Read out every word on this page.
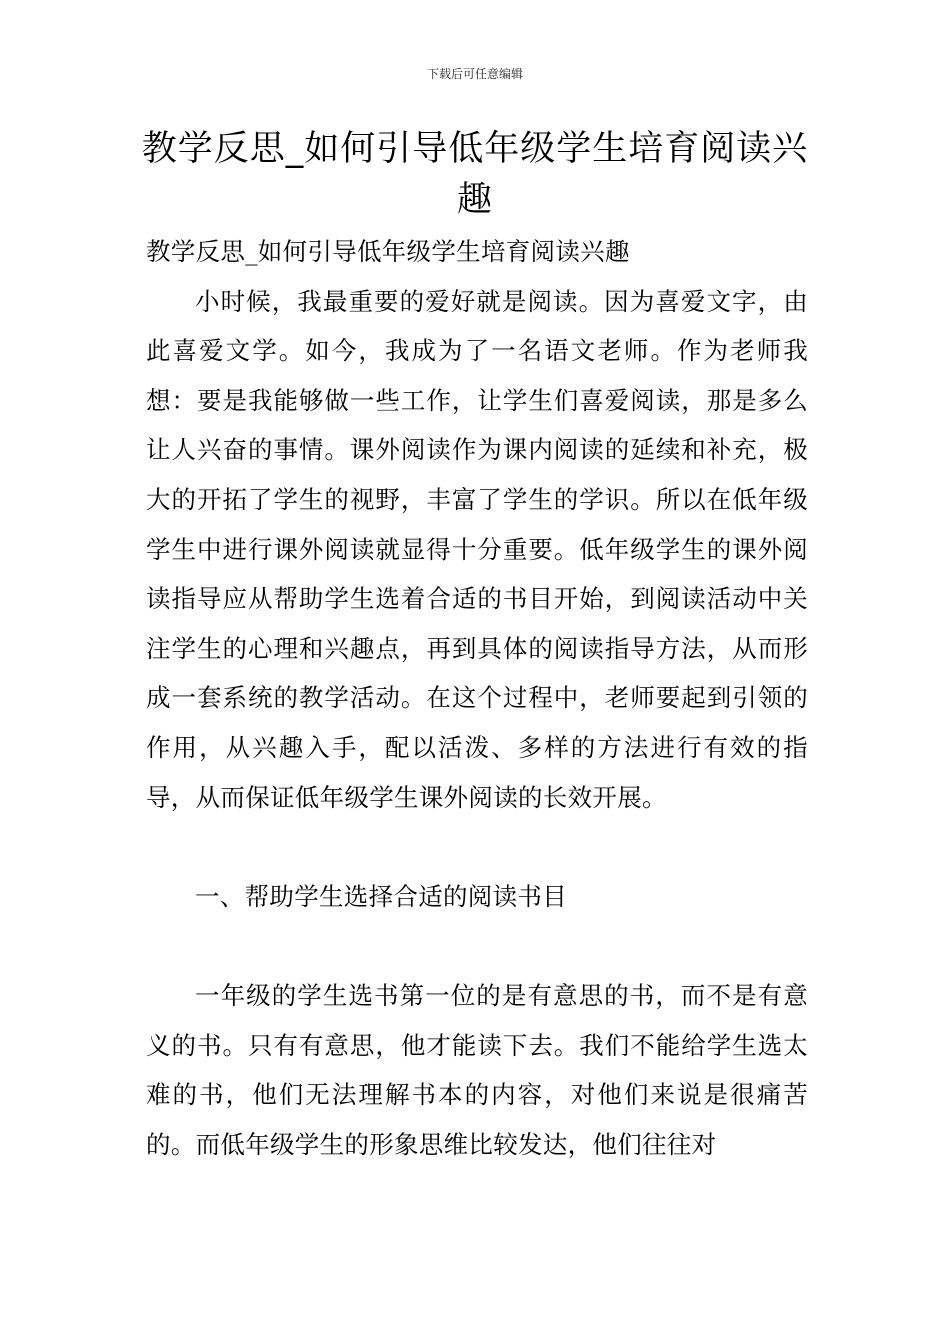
下载后可任意编辑
教学反思_如何引导低年级学生培育阅读兴趣

教学反思_如何引导低年级学生培育阅读兴趣

小时候，我最重要的爱好就是阅读。因为喜爱文字，由此喜爱文学。如今，我成为了一名语文老师。作为老师我想：要是我能够做一些工作，让学生们喜爱阅读，那是多么让人兴奋的事情。课外阅读作为课内阅读的延续和补充，极大的开拓了学生的视野，丰富了学生的学识。所以在低年级学生中进行课外阅读就显得十分重要。低年级学生的课外阅读指导应从帮助学生选着合适的书目开始，到阅读活动中关注学生的心理和兴趣点，再到具体的阅读指导方法，从而形成一套系统的教学活动。在这个过程中，老师要起到引领的作用，从兴趣入手，配以活泼、多样的方法进行有效的指导，从而保证低年级学生课外阅读的长效开展。

一、帮助学生选择合适的阅读书目

一年级的学生选书第一位的是有意思的书，而不是有意义的书。只有有意思，他才能读下去。我们不能给学生选太难的书，他们无法理解书本的内容，对他们来说是很痛苦的。而低年级学生的形象思维比较发达，他们往往对
